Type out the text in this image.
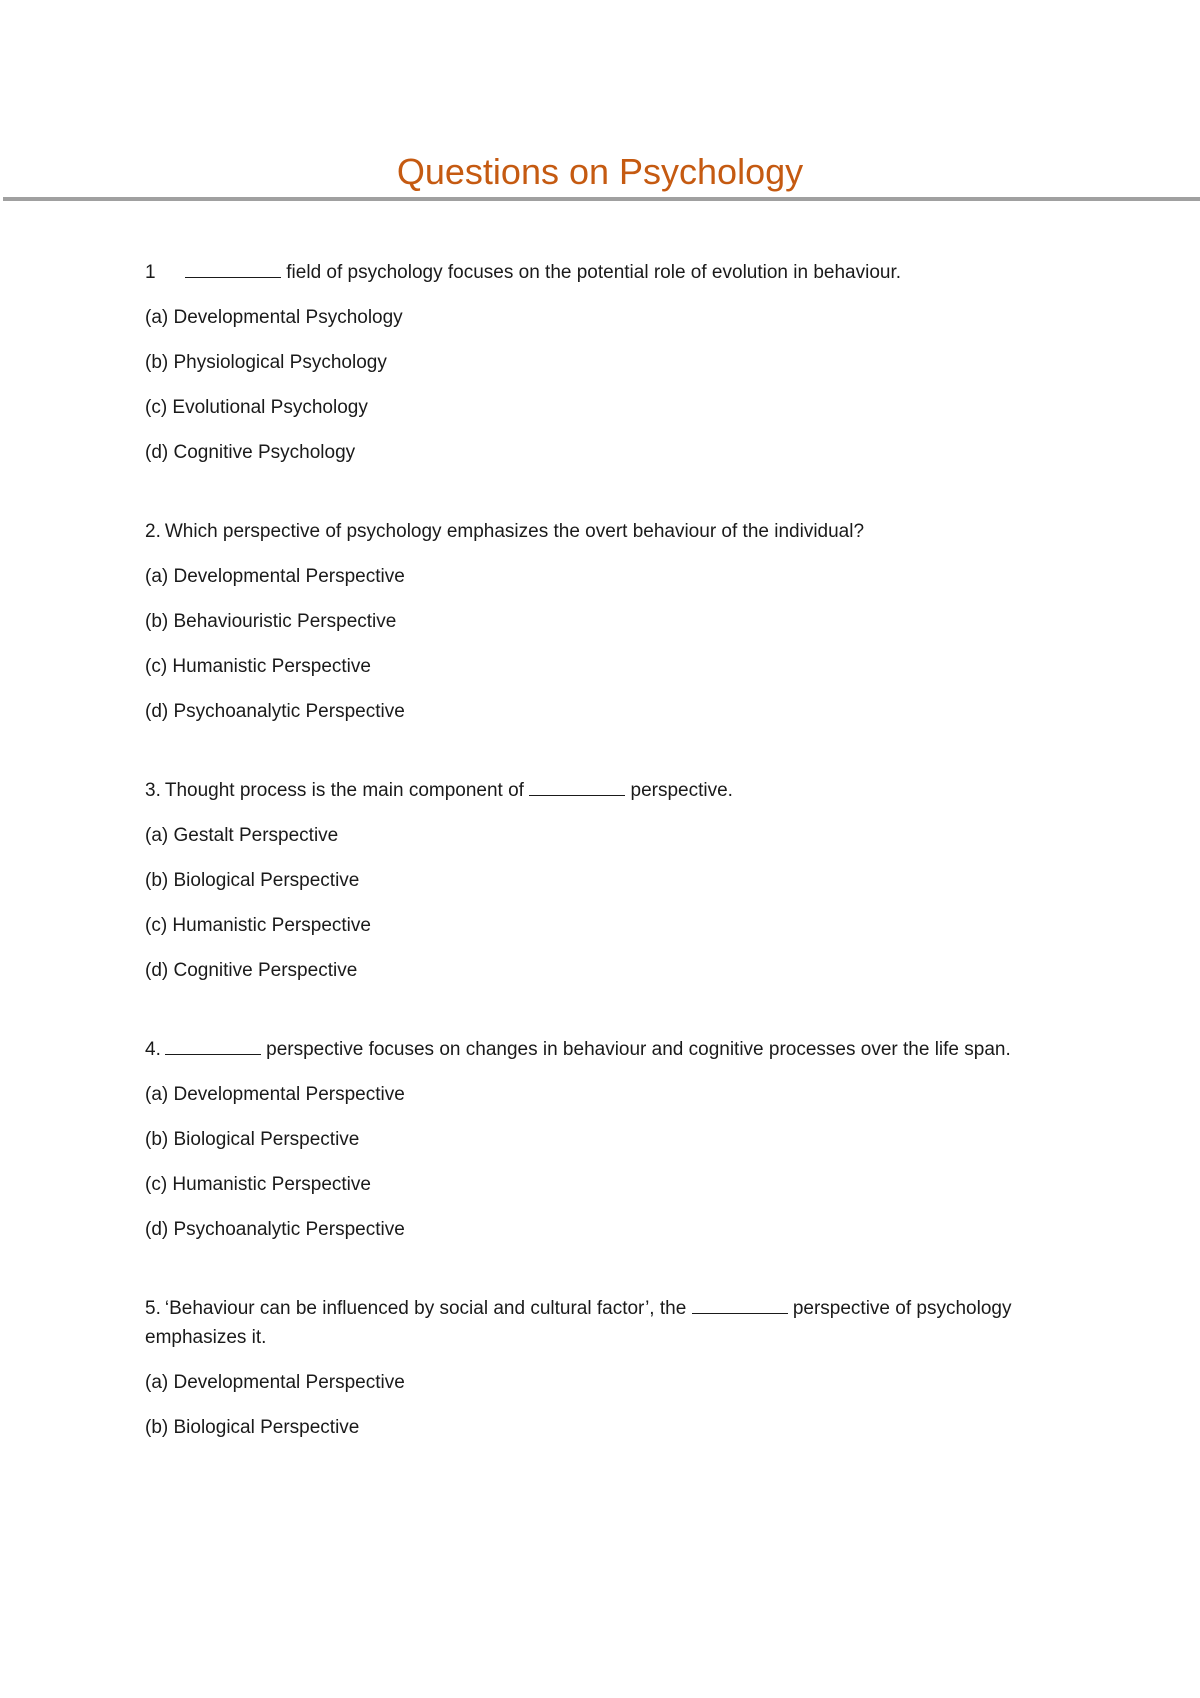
Questions on Psychology

1	field of psychology focuses on the potential role of evolution in behaviour.

(a) Developmental Psychology
(b) Physiological Psychology
(c) Evolutional Psychology
(d) Cognitive Psychology

2. Which perspective of psychology emphasizes the overt behaviour of the individual?

(a) Developmental Perspective
(b) Behaviouristic Perspective
(c) Humanistic Perspective
(d) Psychoanalytic Perspective

3. Thought process is the main component of	perspective.

(a) Gestalt Perspective
(b) Biological Perspective
(c) Humanistic Perspective
(d) Cognitive Perspective

4.	perspective focuses on changes in behaviour and cognitive processes over the life span.

(a) Developmental Perspective
(b) Biological Perspective
(c) Humanistic Perspective
(d) Psychoanalytic Perspective

5. ‘Behaviour can be influenced by social and cultural factor’, the	perspective of psychology emphasizes it.

(a) Developmental Perspective
(b) Biological Perspective
